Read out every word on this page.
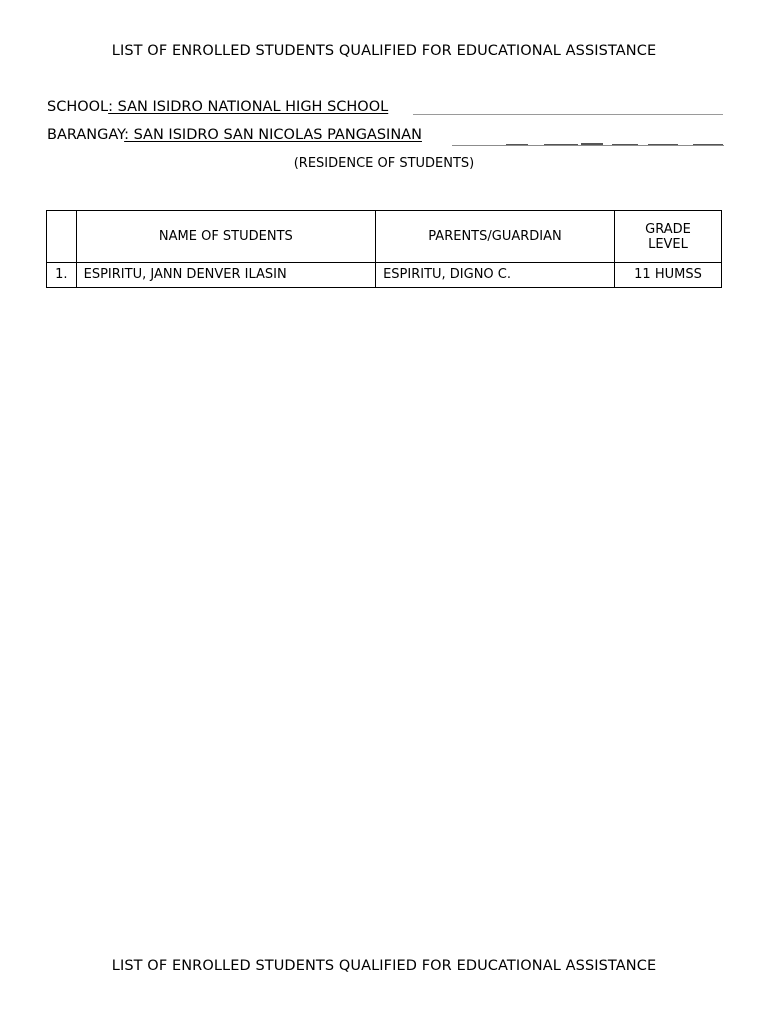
LIST OF ENROLLED STUDENTS QUALIFIED FOR EDUCATIONAL ASSISTANCE
SCHOOL: SAN ISIDRO NATIONAL HIGH SCHOOL
BARANGAY: SAN ISIDRO SAN NICOLAS PANGASINAN
(RESIDENCE OF STUDENTS)
	NAME OF STUDENTS	PARENTS/GUARDIAN	GRADE
LEVEL
1.	ESPIRITU, JANN DENVER ILASIN	ESPIRITU, DIGNO C.	11 HUMSS
LIST OF ENROLLED STUDENTS QUALIFIED FOR EDUCATIONAL ASSISTANCE
